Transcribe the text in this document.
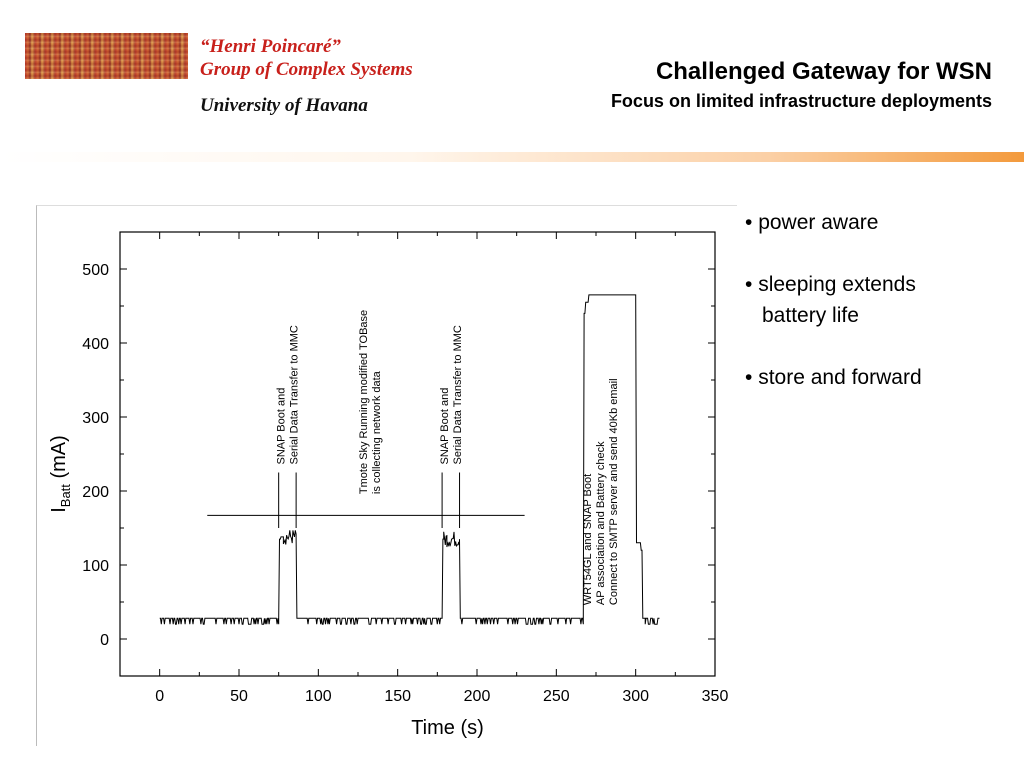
“Henri Poincaré”
Group of Complex Systems
University of Havana
Challenged Gateway for WSN
Focus on limited infrastructure deployments
0	50	100	150	200	250	300	350
0
100
200
300
400
500
Time (s)
$I_{Batt}$ (mA)	SNAP Boot and Serial Data Transfer to MMC	Tmote Sky Running modified TOBase is collecting network data	SNAP Boot and Serial Data Transfer to MMC
WRT54GL and SNAP Boot AP association and Battery check Connect to SMTP server and send 40Kb email
• power aware
• sleeping extends
battery life
• store and forward
